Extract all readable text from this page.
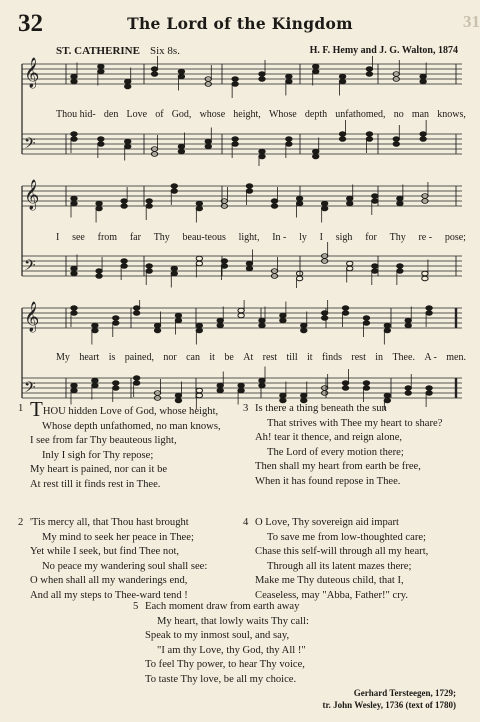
32	The Lord of the Kingdom	31
ST. CATHERINE Six 8s.	H. F. Hemy and J. G. Walton, 1874
𝄞
𝄢
Thou hid- den Love of God, whose height, Whose depth unfathomed, no man knows,
𝄞
𝄢
I see from far Thy beau-teous light, In - ly I sigh for Thy re - pose;
𝄞
𝄢
My heart is pained, nor can it be At rest till it finds rest in Thee. A - men.
1 THOU hidden Love of God, whose height,
Whose depth unfathomed, no man knows,
I see from far Thy beauteous light,
Inly I sigh for Thy repose;
My heart is pained, nor can it be
At rest till it finds rest in Thee.
2 'Tis mercy all, that Thou hast brought
My mind to seek her peace in Thee;
Yet while I seek, but find Thee not,
No peace my wandering soul shall see:
O when shall all my wanderings end,
And all my steps to Thee-ward tend !
3 Is there a thing beneath the sun
That strives with Thee my heart to share?
Ah! tear it thence, and reign alone,
The Lord of every motion there;
Then shall my heart from earth be free,
When it has found repose in Thee.
4 O Love, Thy sovereign aid impart
To save me from low-thoughted care;
Chase this self-will through all my heart,
Through all its latent mazes there;
Make me Thy duteous child, that I,
Ceaseless, may "Abba, Father!" cry.
5 Each moment draw from earth away
My heart, that lowly waits Thy call:
Speak to my inmost soul, and say,
"I am thy Love, thy God, thy All !"
To feel Thy power, to hear Thy voice,
To taste Thy love, be all my choice.
Gerhard Tersteegen, 1729;
tr. John Wesley, 1736 (text of 1780)
